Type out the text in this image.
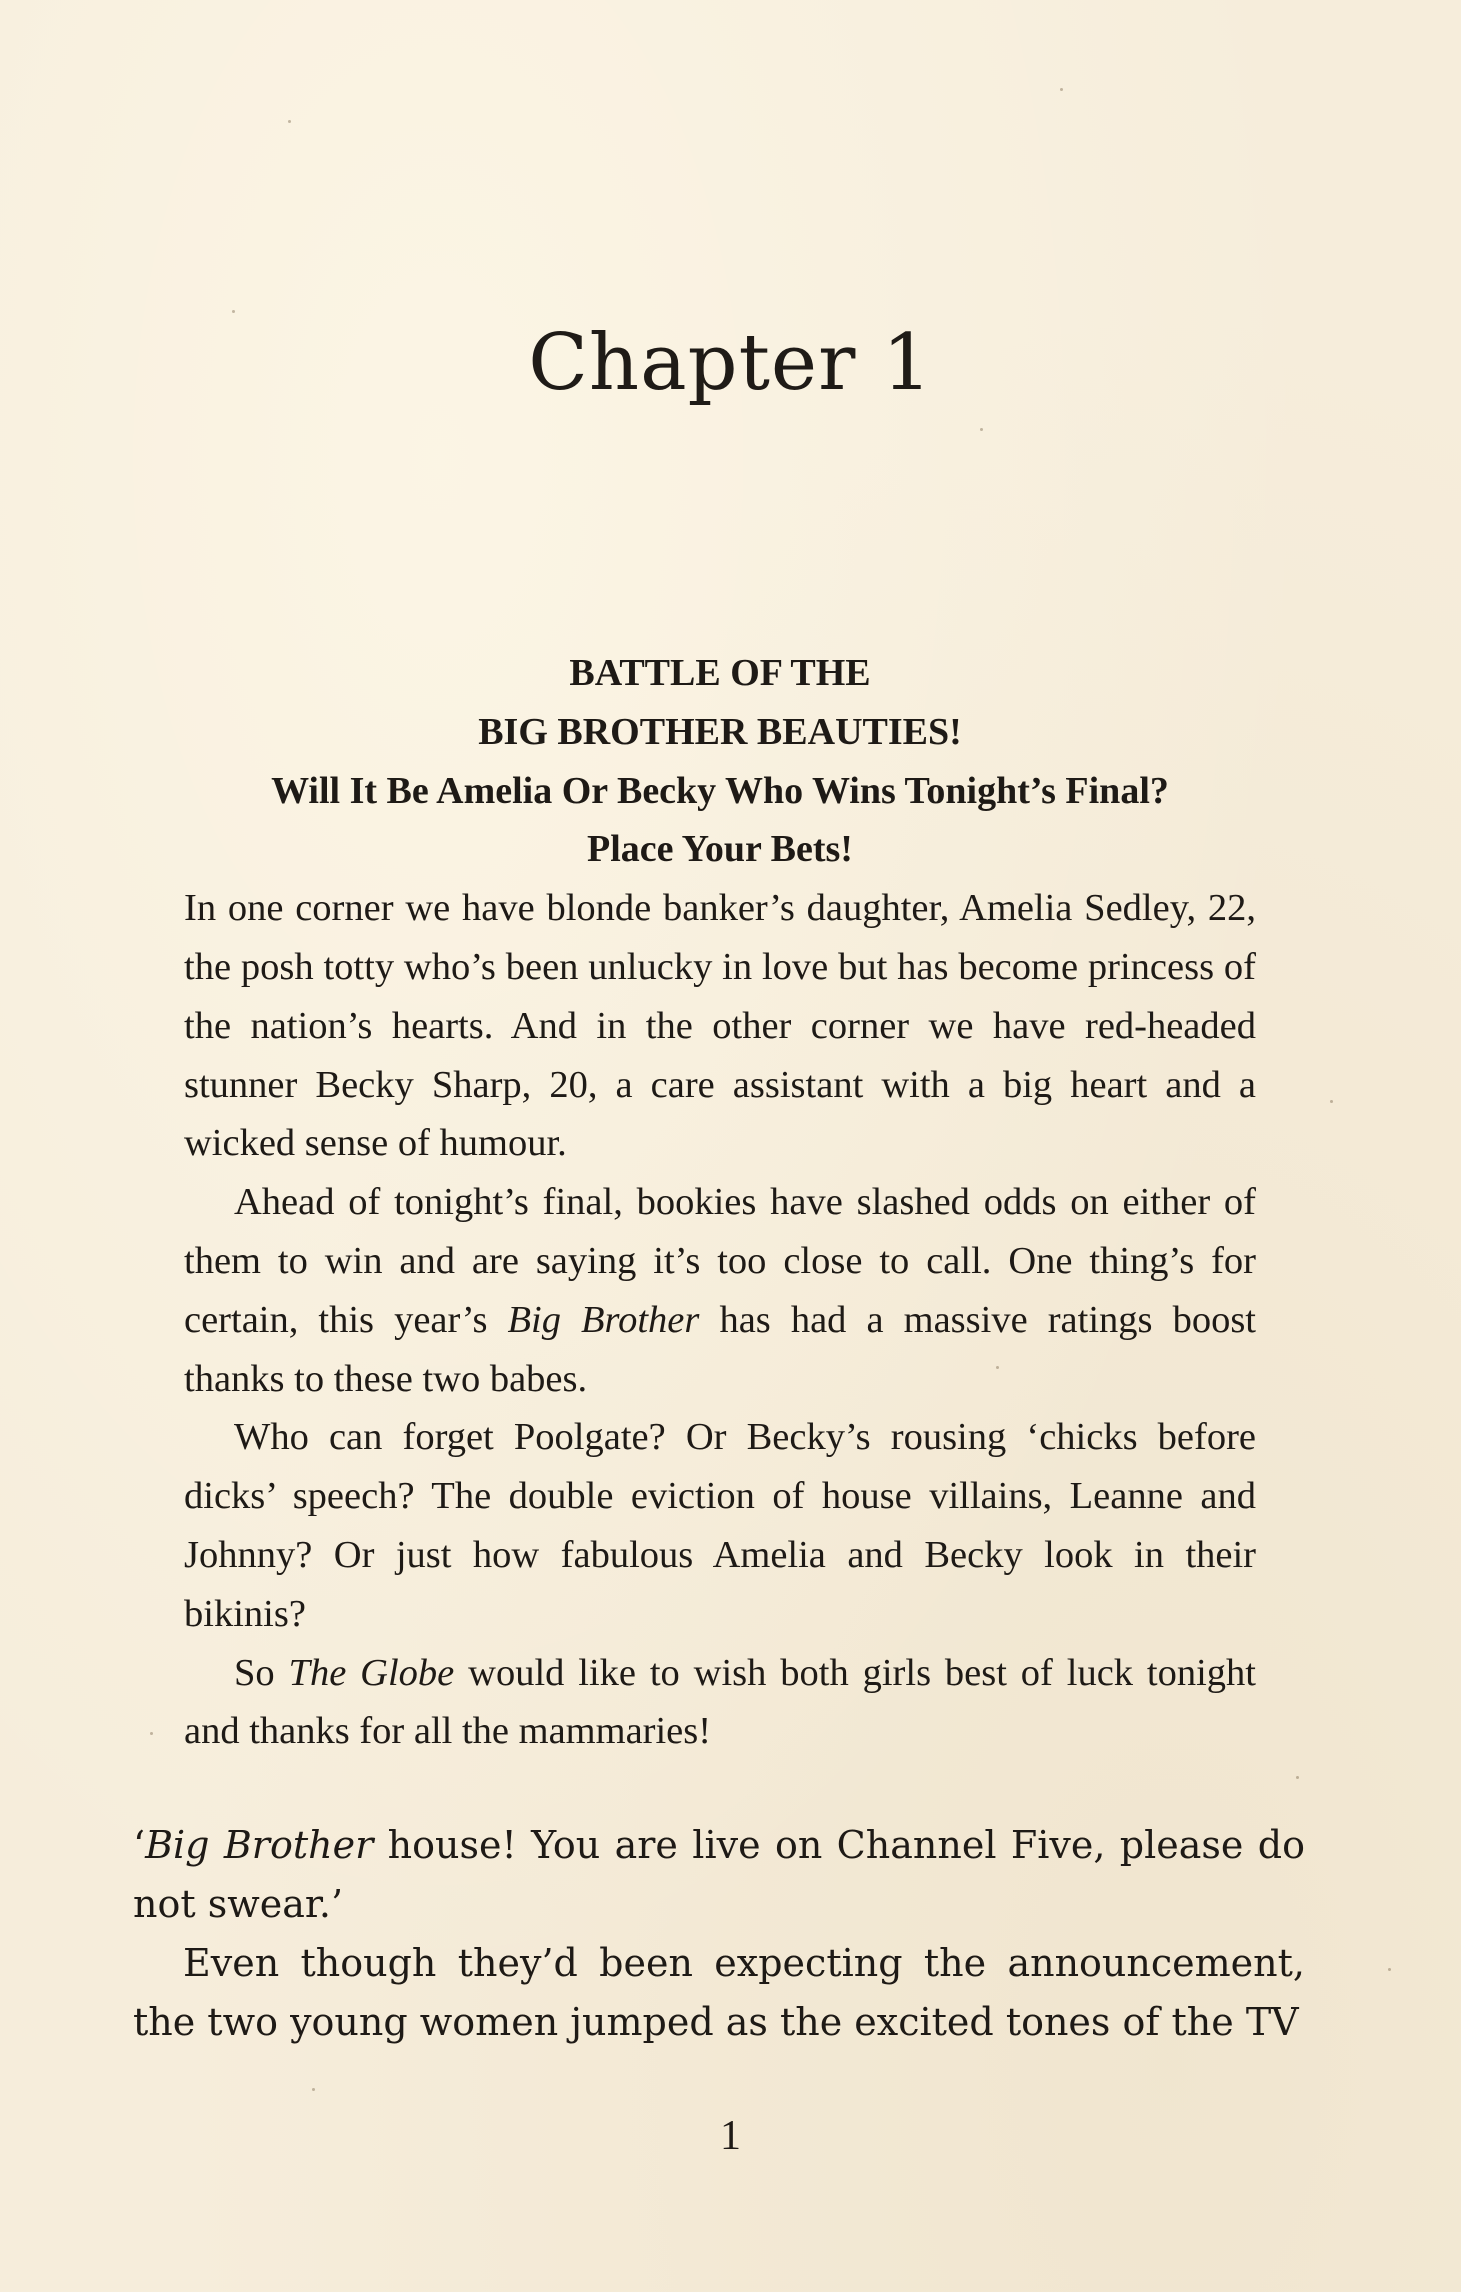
Chapter 1

BATTLE OF THE

BIG BROTHER BEAUTIES!

Will It Be Amelia Or Becky Who Wins Tonight’s Final?

Place Your Bets!

In one corner we have blonde banker’s daughter, Amelia Sedley, 22, the posh totty who’s been unlucky in love but has become princess of the nation’s hearts. And in the other corner we have red-headed stunner Becky Sharp, 20, a care assistant with a big heart and a wicked sense of humour.

Ahead of tonight’s final, bookies have slashed odds on either of them to win and are saying it’s too close to call. One thing’s for certain, this year’s Big Brother has had a massive ratings boost thanks to these two babes.

Who can forget Poolgate? Or Becky’s rousing ‘chicks before dicks’ speech? The double eviction of house villains, Leanne and Johnny? Or just how fabulous Amelia and Becky look in their bikinis?

So The Globe would like to wish both girls best of luck tonight and thanks for all the mammaries!

‘Big Brother house! You are live on Channel Five, please do not swear.’

Even though they’d been expecting the announcement, the two young women jumped as the excited tones of the TV

1
